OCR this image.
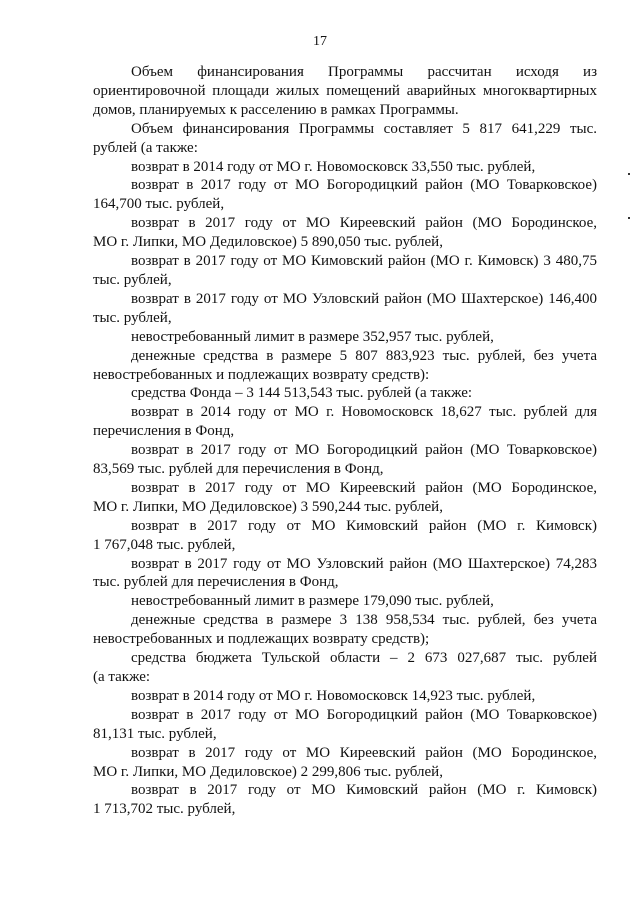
17
Объем финансирования Программы рассчитан исходя из
ориентировочной площади жилых помещений аварийных многоквартирных домов, планируемых к расселению в рамках Программы.
Объем финансирования Программы составляет 5 817 641,229 тыс.
рублей (а также:
возврат в 2014 году от МО г. Новомосковск 33,550 тыс. рублей,
возврат в 2017 году от МО Богородицкий район (МО Товарковское)
164,700 тыс. рублей,
возврат в 2017 году от МО Киреевский район (МО Бородинское,
МО г. Липки, МО Дедиловское) 5 890,050 тыс. рублей,
возврат в 2017 году от МО Кимовский район (МО г. Кимовск) 3 480,75
тыс. рублей,
возврат в 2017 году от МО Узловский район (МО Шахтерское) 146,400
тыс. рублей,
невостребованный лимит в размере 352,957 тыс. рублей,
денежные средства в размере 5 807 883,923 тыс. рублей, без учета
невостребованных и подлежащих возврату средств):
средства Фонда – 3 144 513,543 тыс. рублей (а также:
возврат в 2014 году от МО г. Новомосковск 18,627 тыс. рублей для
перечисления в Фонд,
возврат в 2017 году от МО Богородицкий район (МО Товарковское)
83,569 тыс. рублей для перечисления в Фонд,
возврат в 2017 году от МО Киреевский район (МО Бородинское,
МО г. Липки, МО Дедиловское) 3 590,244 тыс. рублей,
возврат в 2017 году от МО Кимовский район (МО г. Кимовск)
1 767,048 тыс. рублей,
возврат в 2017 году от МО Узловский район (МО Шахтерское) 74,283
тыс. рублей для перечисления в Фонд,
невостребованный лимит в размере 179,090 тыс. рублей,
денежные средства в размере 3 138 958,534 тыс. рублей, без учета
невостребованных и подлежащих возврату средств);
средства бюджета Тульской области – 2 673 027,687 тыс. рублей
(а также:
возврат в 2014 году от МО г. Новомосковск 14,923 тыс. рублей,
возврат в 2017 году от МО Богородицкий район (МО Товарковское)
81,131 тыс. рублей,
возврат в 2017 году от МО Киреевский район (МО Бородинское,
МО г. Липки, МО Дедиловское) 2 299,806 тыс. рублей,
возврат в 2017 году от МО Кимовский район (МО г. Кимовск)
1 713,702 тыс. рублей,
